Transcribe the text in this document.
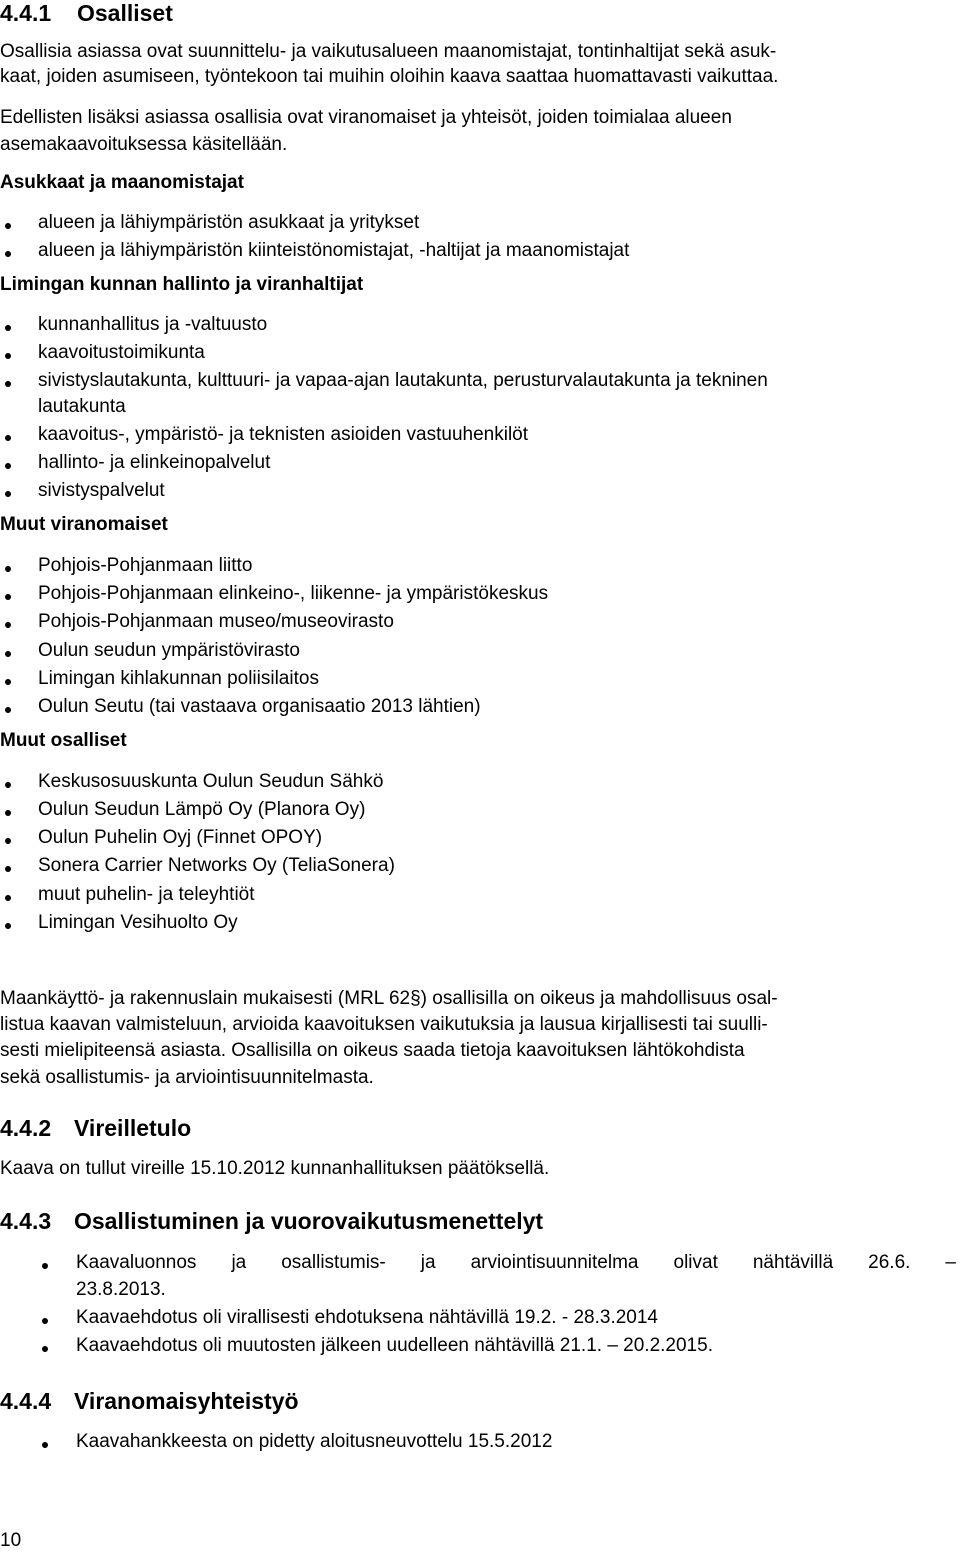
4.4.1 Osalliset
Osallisia asiassa ovat suunnittelu- ja vaikutusalueen maanomistajat, tontinhaltijat sekä asuk-
kaat, joiden asumiseen, työntekoon tai muihin oloihin kaava saattaa huomattavasti vaikuttaa.
Edellisten lisäksi asiassa osallisia ovat viranomaiset ja yhteisöt, joiden toimialaa alueen
asemakaavoituksessa käsitellään.
Asukkaat ja maanomistajat
alueen ja lähiympäristön asukkaat ja yritykset
alueen ja lähiympäristön kiinteistönomistajat, -haltijat ja maanomistajat
Limingan kunnan hallinto ja viranhaltijat
kunnanhallitus ja -valtuusto
kaavoitustoimikunta
sivistyslautakunta, kulttuuri- ja vapaa-ajan lautakunta, perusturvalautakunta ja tekninen
lautakunta
kaavoitus-, ympäristö- ja teknisten asioiden vastuuhenkilöt
hallinto- ja elinkeinopalvelut
sivistyspalvelut
Muut viranomaiset
Pohjois-Pohjanmaan liitto
Pohjois-Pohjanmaan elinkeino-, liikenne- ja ympäristökeskus
Pohjois-Pohjanmaan museo/museovirasto
Oulun seudun ympäristövirasto
Limingan kihlakunnan poliisilaitos
Oulun Seutu (tai vastaava organisaatio 2013 lähtien)
Muut osalliset
Keskusosuuskunta Oulun Seudun Sähkö
Oulun Seudun Lämpö Oy (Planora Oy)
Oulun Puhelin Oyj (Finnet OPOY)
Sonera Carrier Networks Oy (TeliaSonera)
muut puhelin- ja teleyhtiöt
Limingan Vesihuolto Oy
Maankäyttö- ja rakennuslain mukaisesti (MRL 62§) osallisilla on oikeus ja mahdollisuus osal-
listua kaavan valmisteluun, arvioida kaavoituksen vaikutuksia ja lausua kirjallisesti tai suulli-
sesti mielipiteensä asiasta. Osallisilla on oikeus saada tietoja kaavoituksen lähtökohdista
sekä osallistumis- ja arviointisuunnitelmasta.
4.4.2 Vireilletulo
Kaava on tullut vireille 15.10.2012 kunnanhallituksen päätöksellä.
4.4.3 Osallistuminen ja vuorovaikutusmenettelyt
Kaavaluonnos ja osallistumis- ja arviointisuunnitelma olivat nähtävillä 26.6. –
23.8.2013.
Kaavaehdotus oli virallisesti ehdotuksena nähtävillä 19.2. - 28.3.2014
Kaavaehdotus oli muutosten jälkeen uudelleen nähtävillä 21.1. – 20.2.2015.
4.4.4 Viranomaisyhteistyö
Kaavahankkeesta on pidetty aloitusneuvottelu 15.5.2012
10
